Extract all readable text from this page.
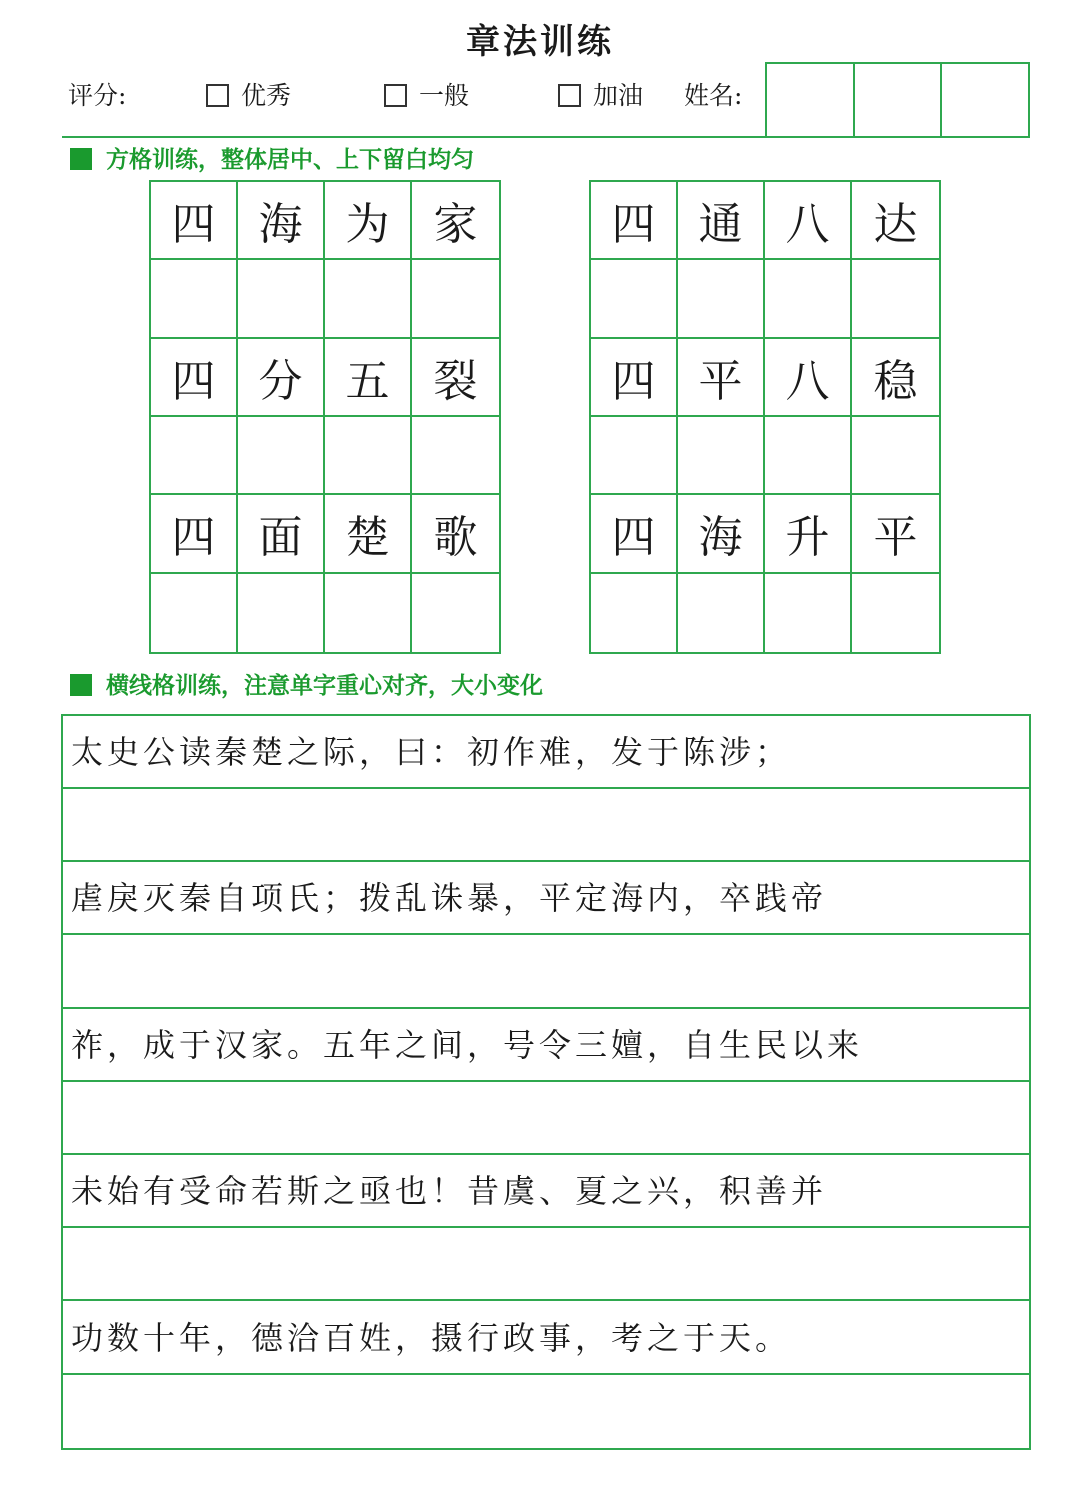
章法训练
评分:	优秀	一般	加油 姓名:
方格训练，整体居中、上下留白均匀
四 海 为	家
四 分 五	裂
四 面 楚	歌
四 通 八	达
四 平 八	稳
四 海 升	平
横线格训练，注意单字重心对齐，大小变化
太史公读秦楚之际，曰：初作难，发于陈涉；
虐戾灭秦自项氏；拨乱诛暴，平定海内，卒践帝
祚，成于汉家。五年之间，号令三嬗，自生民以来
未始有受命若斯之亟也！昔虞、夏之兴，积善并
功数十年，德洽百姓，摄行政事，考之于天。
